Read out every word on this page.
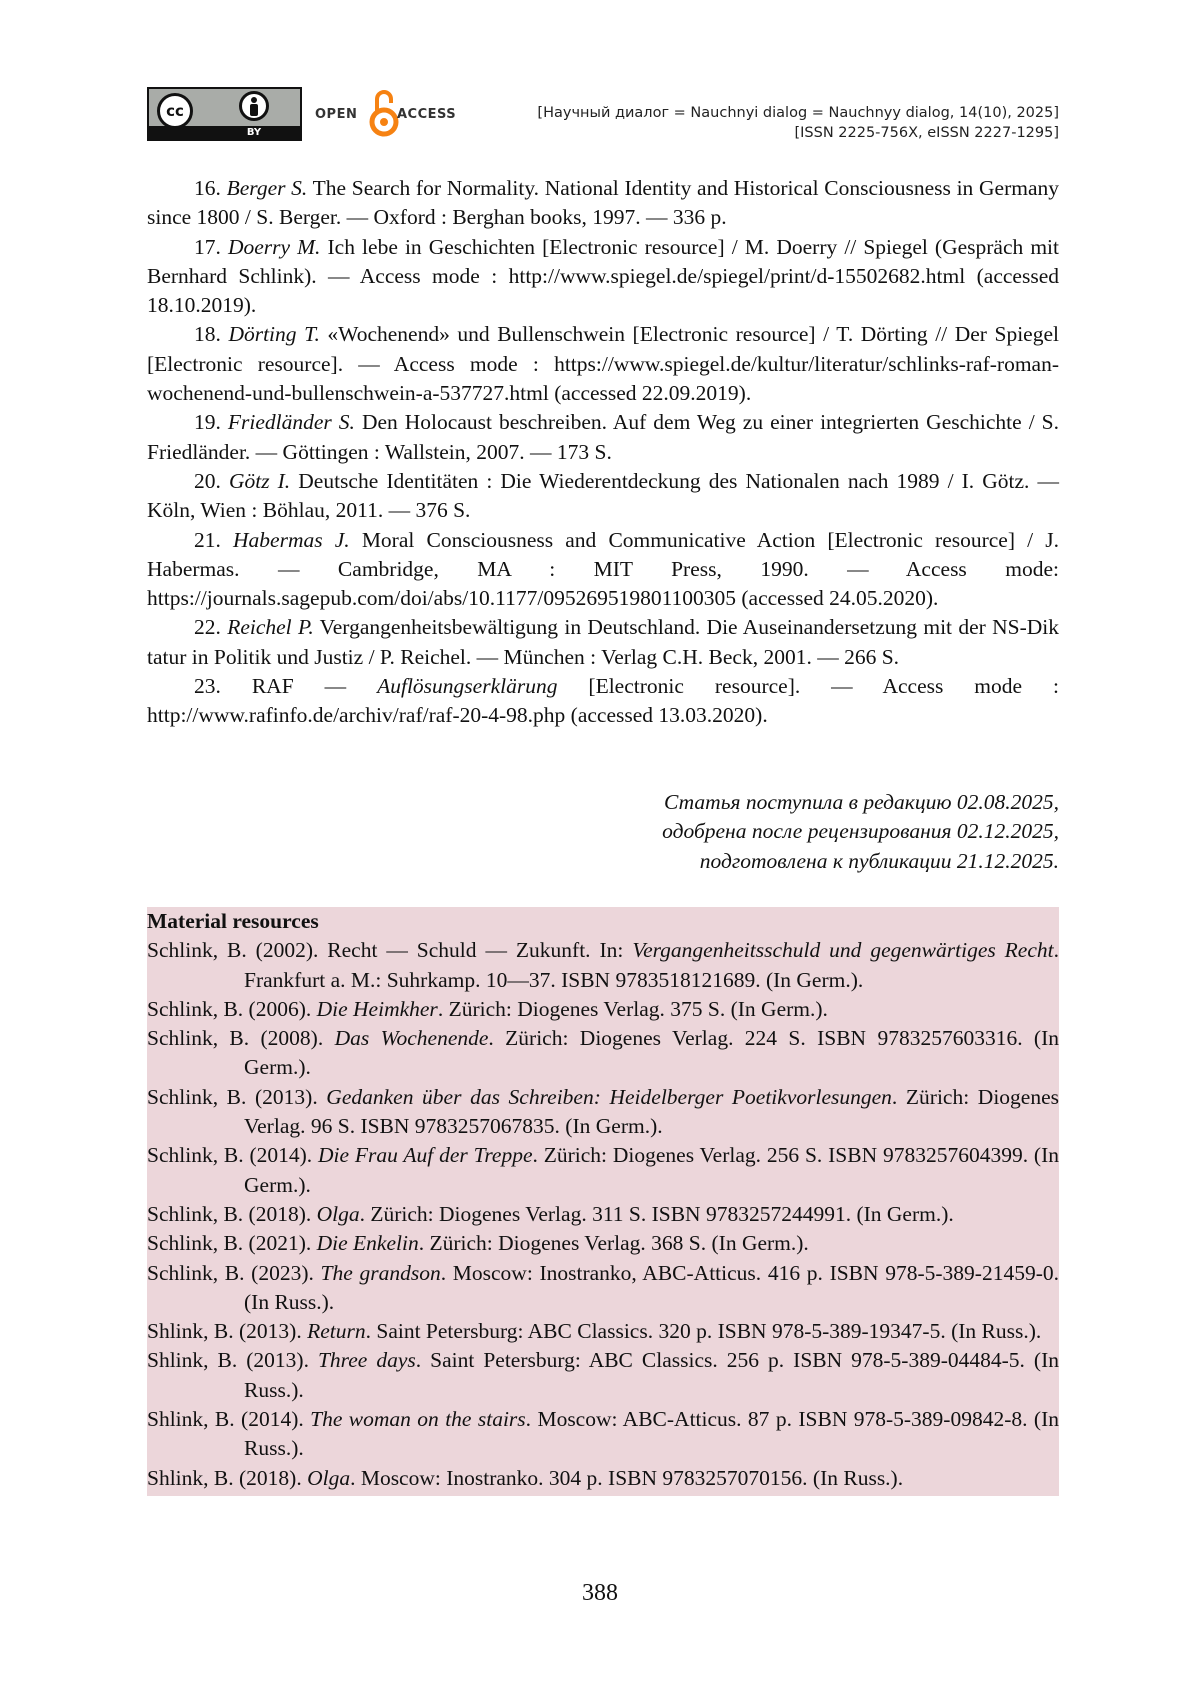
cc
BY
OPEN	ACCESS	[Научный диалог = Nauchnyi dialog = Nauchnyy dialog, 14(10), 2025]
[ISSN 2225-756X, eISSN 2227-1295]

16. Berger S. The Search for Normality. National Identity and Historical Consciousness in Germany since 1800 / S. Berger. — Oxford : Berghan books, 1997. — 336 p.

17. Doerry M. Ich lebe in Geschichten [Electronic resource] / M. Doerry // Spiegel (Gespräch mit Bernhard Schlink). — Access mode : http://www.spiegel.de/spiegel/print/d-15502682.html (accessed 18.10.2019).

18. Dörting T. «Wochenend» und Bullenschwein [Electronic resource] / T. Dörting // Der Spiegel [Electronic resource]. — Access mode : https://www.spiegel.de/kultur/literatur/schlinks-raf-roman-wochenend-und-bullenschwein-a-537727.html (accessed 22.09.2019).

19. Friedländer S. Den Holocaust beschreiben. Auf dem Weg zu einer integrierten Geschichte / S. Friedländer. — Göttingen : Wallstein, 2007. — 173 S.

20. Götz I. Deutsche Identitäten : Die Wiederentdeckung des Nationalen nach 1989 / I. Götz. — Köln, Wien : Böhlau, 2011. — 376 S.

21. Habermas J. Moral Consciousness and Communicative Action [Electronic resource] / J. Habermas. — Cambridge, MA : MIT Press, 1990. — Access mode: https://journals.sagepub.com/doi/abs/10.1177/095269519801100305 (accessed 24.05.2020).

22. Reichel P. Vergangenheitsbewältigung in Deutschland. Die Auseinandersetzung mit der NS-Dik tatur in Politik und Justiz / P. Reichel. — München : Verlag C.H. Beck, 2001. — 266 S.

23. RAF — Auflösungserklärung [Electronic resource]. — Access mode : http://www.rafinfo.de/archiv/raf/raf-20-4-98.php (accessed 13.03.2020).

Статья поступила в редакцию 02.08.2025,
одобрена после рецензирования 02.12.2025,
подготовлена к публикации 21.12.2025.

Material resources

Schlink, B. (2002). Recht — Schuld — Zukunft. In: Vergangenheitsschuld und gegenwärtiges Recht. Frankfurt a. M.: Suhrkamp. 10—37. ISBN 9783518121689. (In Germ.).

Schlink, B. (2006). Die Heimkher. Zürich: Diogenes Verlag. 375 S. (In Germ.).

Schlink, B. (2008). Das Wochenende. Zürich: Diogenes Verlag. 224 S. ISBN 9783257603316. (In Germ.).

Schlink, B. (2013). Gedanken über das Schreiben: Heidelberger Poetikvorlesungen. Zürich: Diogenes Verlag. 96 S. ISBN 9783257067835. (In Germ.).

Schlink, B. (2014). Die Frau Auf der Treppe. Zürich: Diogenes Verlag. 256 S. ISBN 9783257604399. (In Germ.).

Schlink, B. (2018). Olga. Zürich: Diogenes Verlag. 311 S. ISBN 9783257244991. (In Germ.).

Schlink, B. (2021). Die Enkelin. Zürich: Diogenes Verlag. 368 S. (In Germ.).

Schlink, B. (2023). The grandson. Moscow: Inostranko, ABC-Atticus. 416 p. ISBN 978-5-389-21459-0. (In Russ.).

Shlink, B. (2013). Return. Saint Petersburg: ABC Classics. 320 p. ISBN 978-5-389-19347-5. (In Russ.).

Shlink, B. (2013). Three days. Saint Petersburg: ABC Classics. 256 p. ISBN 978-5-389-04484-5. (In Russ.).

Shlink, B. (2014). The woman on the stairs. Moscow: ABC-Atticus. 87 p. ISBN 978-5-389-09842-8. (In Russ.).

Shlink, B. (2018). Olga. Moscow: Inostranko. 304 p. ISBN 9783257070156. (In Russ.).

388
